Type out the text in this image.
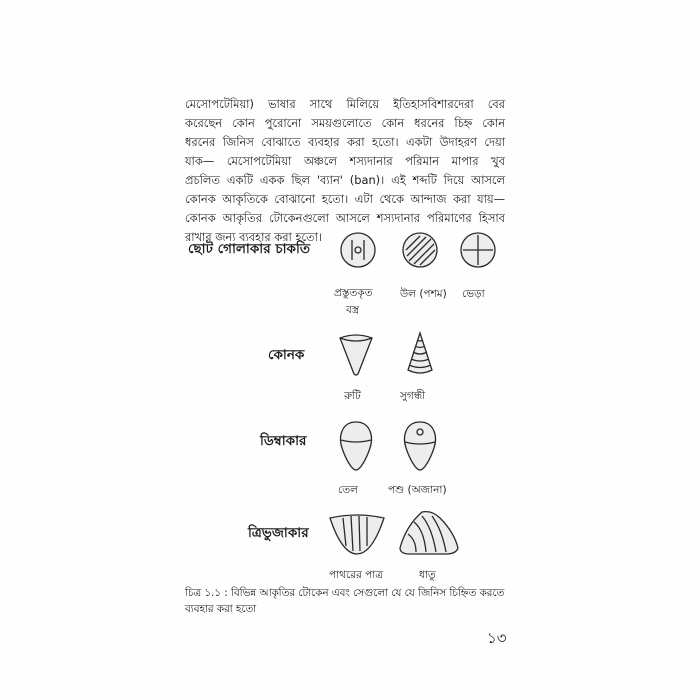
মেসোপটেমিয়া) ভাষার সাথে মিলিয়ে ইতিহাসবিশারদেরা বের
করেছেন কোন পুরোনো সময়গুলোতে কোন ধরনের চিহ্ন কোন
ধরনের জিনিস বোঝাতে ব্যবহার করা হতো। একটা উদাহরণ দেয়া
যাক— মেসোপটেমিয়া অঞ্চলে শস্যদানার পরিমান মাপার খুব
প্রচলিত একটি একক ছিল 'ব্যান' (ban)। এই শব্দটি দিয়ে আসলে
কোনক আকৃতিকে বোঝানো হতো। এটা থেকে আন্দাজ করা যায়—
কোনক আকৃতির টোকেনগুলো আসলে শস্যদানার পরিমাণের হিসাব
রাখার জন্য ব্যবহার করা হতো।
ছোট গোলাকার চাকতি
প্রস্তুতকৃত
বস্ত্র
উল (পশম) ভেড়া
কোনক
রুটি	সুগন্ধী
ডিম্বাকার
তেল	পশু (অজানা)
ত্রিভুজাকার
পাথরের পাত্র	ধাতু
চিত্র ১.১ : বিভিন্ন আকৃতির টোকেন এবং সেগুলো যে যে জিনিস চিহ্নিত করতে
ব্যবহার করা হতো
১৩
